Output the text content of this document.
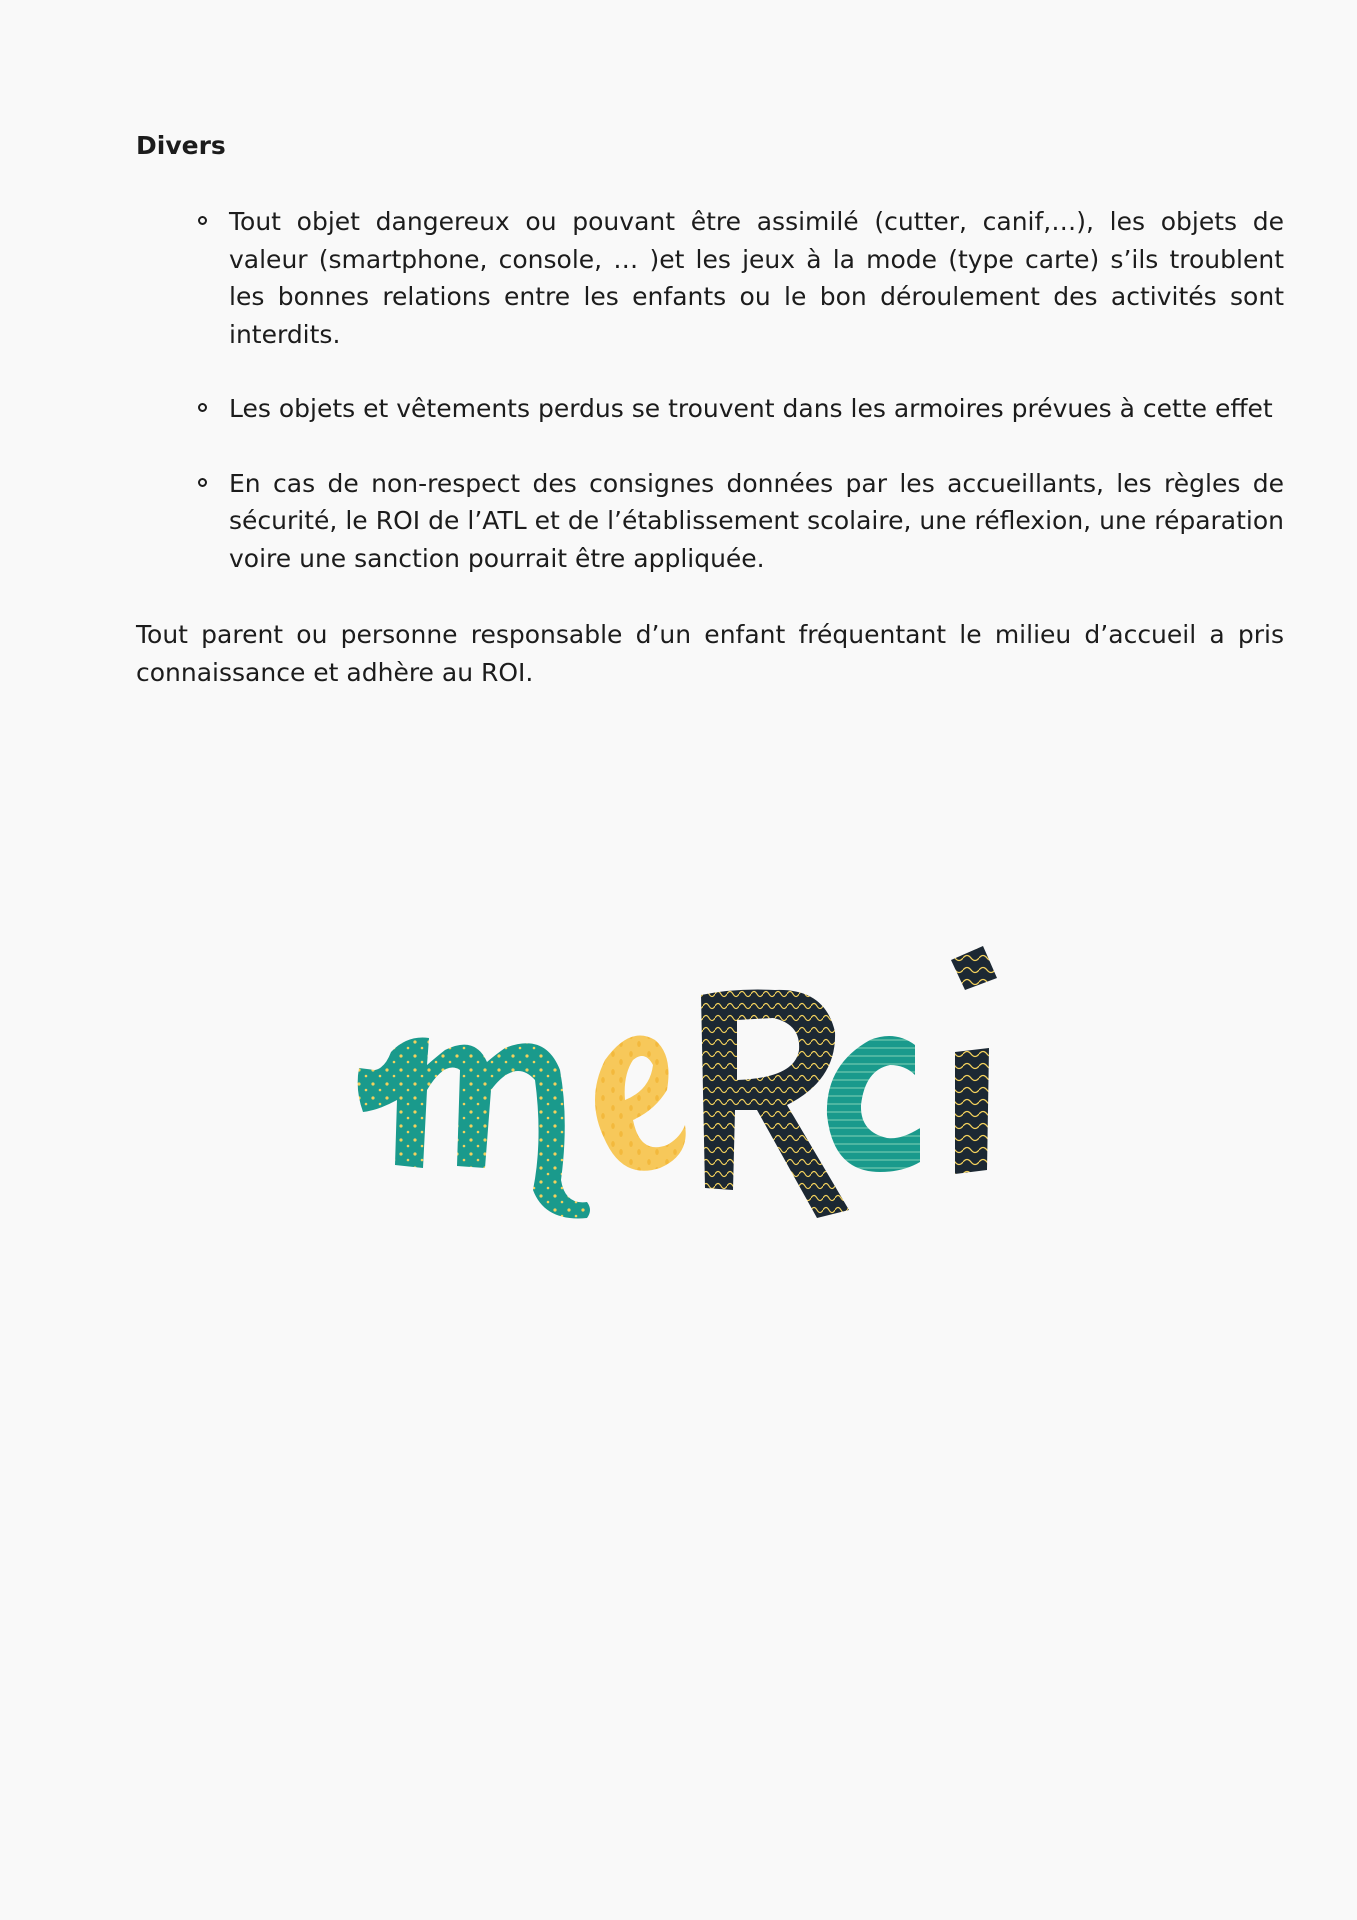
Divers
Tout objet dangereux ou pouvant être assimilé (cutter, canif,…), les objets de valeur (smartphone, console, … )et les jeux à la mode (type carte) s’ils troublent les bonnes relations entre les enfants ou le bon déroulement des activités sont interdits.
Les objets et vêtements perdus se trouvent dans les armoires prévues à cette effet
En cas de non-respect des consignes données par les accueillants, les règles de sécurité, le ROI de l’ATL et de l’établissement scolaire, une réflexion, une réparation voire une sanction pourrait être appliquée.

Tout parent ou personne responsable d’un enfant fréquentant le milieu d’accueil a pris connaissance et adhère au ROI.
